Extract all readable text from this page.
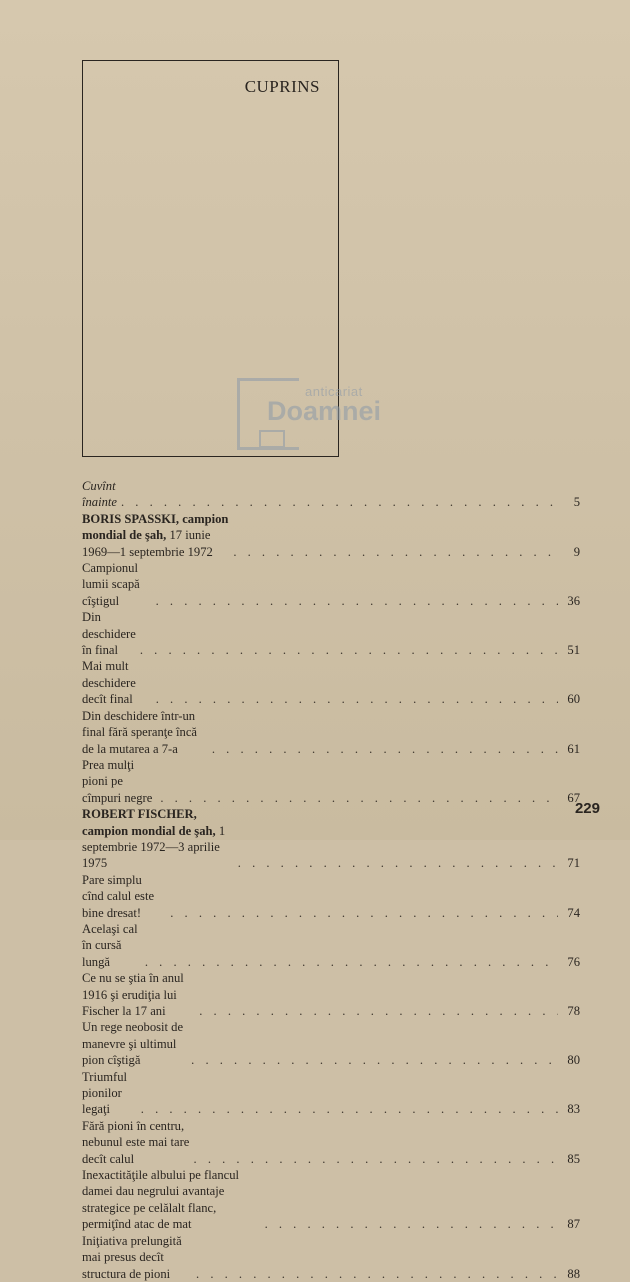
CUPRINS
anticariat
Doamnei
Cuvînt înainte . . .	5
BORIS SPASSKI, campion mondial de şah, 17 iunie 1969—1 septembrie 1972 . . .	9
Campionul lumii scapă cîştigul . . .	36
Din deschidere în final . . .	51
Mai mult deschidere decît final . . .	60
Din deschidere într-un final fără speranţe încă de la mutarea a 7-a . . .	61
Prea mulţi pioni pe cîmpuri negre . . .	67
ROBERT FISCHER, campion mondial de şah, 1 septembrie 1972—3 aprilie 1975 . . .	71
Pare simplu cînd calul este bine dresat! . . .	74
Acelaşi cal în cursă lungă . . .	76
Ce nu se ştia în anul 1916 şi erudiţia lui Fischer la 17 ani . . .	78
Un rege neobosit de manevre şi ultimul pion cîştigă . . .	80
Triumful pionilor legaţi . . .	83
Fără pioni în centru, nebunul este mai tare decît calul . . .	85
Inexactităţile albului pe flancul damei dau negrului avantaje strategice pe celălalt flanc, permiţînd atac de mat . . .	87
Iniţiativa prelungită mai presus decît structura de pioni . . .	88
229
